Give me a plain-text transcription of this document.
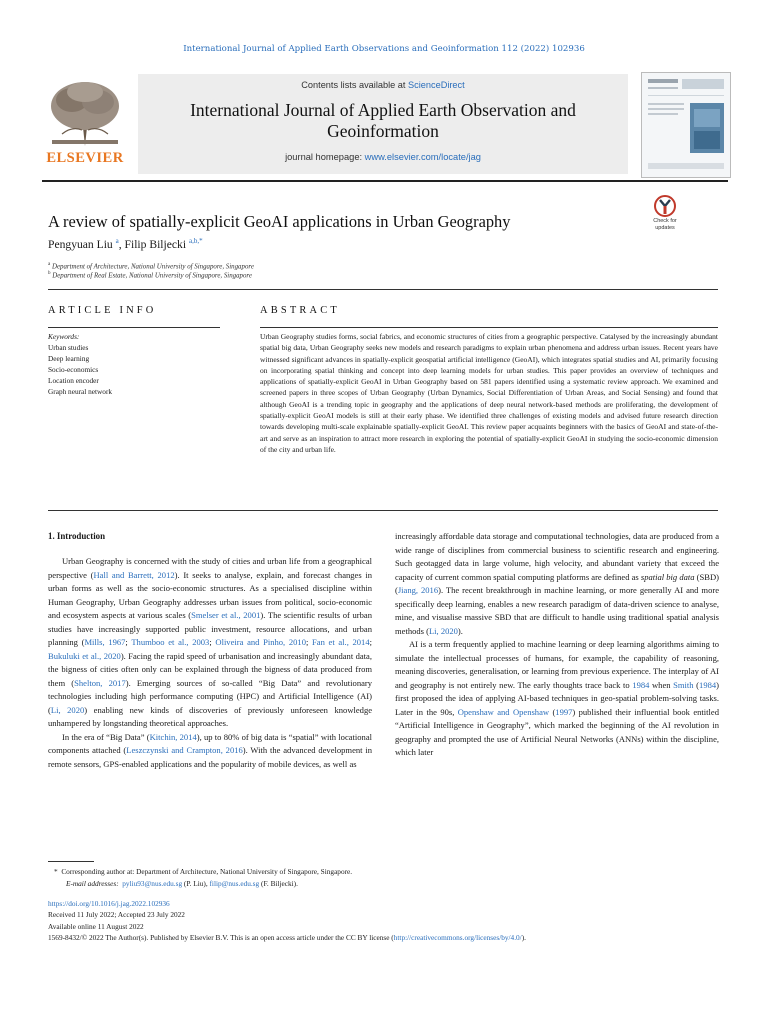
International Journal of Applied Earth Observations and Geoinformation 112 (2022) 102936
ELSEVIER
Contents lists available at ScienceDirect
International Journal of Applied Earth Observation and Geoinformation
journal homepage: www.elsevier.com/locate/jag
A review of spatially-explicit GeoAI applications in Urban Geography	Check for
updates
Pengyuan Liu $^a$, Filip Biljecki $^{a,b,*}$
$^a$ Department of Architecture, National University of Singapore, Singapore
$^b$ Department of Real Estate, National University of Singapore, Singapore
ARTICLE INFO
Keywords:
Urban studies
Deep learning
Socio-economics
Location encoder
Graph neural network
ABSTRACT
Urban Geography studies forms, social fabrics, and economic structures of cities from a geographic perspective. Catalysed by the increasingly abundant spatial big data, Urban Geography seeks new models and research paradigms to explain urban phenomena and address urban issues. Recent years have witnessed significant advances in spatially-explicit geospatial artificial intelligence (GeoAI), which integrates spatial studies and AI, primarily focusing on incorporating spatial thinking and concept into deep learning models for urban studies. This paper provides an overview of techniques and applications of spatially-explicit GeoAI in Urban Geography based on 581 papers identified using a systematic review approach. We examined and screened papers in three scopes of Urban Geography (Urban Dynamics, Social Differentiation of Urban Areas, and Social Sensing) and found that although GeoAI is a trending topic in geography and the applications of deep neural network-based methods are proliferating, the development of spatially-explicit GeoAI models is still at their early phase. We identified three challenges of existing models and advised future research direction towards developing multi-scale explainable spatially-explicit GeoAI. This review paper acquaints beginners with the basics of GeoAI and state-of-the-art and serve as an inspiration to attract more research in exploring the potential of spatially-explicit GeoAI in studying the socio-economic dimension of the city and urban life.
1. Introduction

Urban Geography is concerned with the study of cities and urban life from a geographical perspective (Hall and Barrett, 2012). It seeks to analyse, explain, and forecast changes in urban forms as well as the socio-economic structures. As a specialised discipline within Human Geography, Urban Geography addresses urban issues from political, socio-economic and ecosystem aspects at various scales (Smelser et al., 2001). The scientific results of urban studies have increasingly supported public investment, resource allocations, and urban planning (Mills, 1967; Thumboo et al., 2003; Oliveira and Pinho, 2010; Fan et al., 2014; Bukuluki et al., 2020). Facing the rapid speed of urbanisation and increasingly abundant data, the bigness of cities often only can be explained through the bigness of data produced from them (Shelton, 2017). Emerging sources of so-called “Big Data” and revolutionary technologies including high performance computing (HPC) and Artificial Intelligence (AI) (Li, 2020) enabling new kinds of discoveries of previously unforeseen knowledge unhampered by longstanding theoretical approaches.

In the era of “Big Data” (Kitchin, 2014), up to 80% of big data is “spatial” with locational components attached (Leszczynski and Crampton, 2016). With the advanced development in remote sensors, GPS-enabled applications and the popularity of mobile devices, as well as

increasingly affordable data storage and computational technologies, data are produced from a wide range of disciplines from commercial business to scientific research and engineering. Such geotagged data in large volume, high velocity, and abundant variety that exceed the capacity of current common spatial computing platforms are defined as spatial big data (SBD) (Jiang, 2016). The recent breakthrough in machine learning, or more generally AI and more specifically deep learning, enables a new research paradigm of data-driven science to analyse, mine, and visualise massive SBD that are difficult to handle using traditional spatial analysis methods (Li, 2020).

AI is a term frequently applied to machine learning or deep learning algorithms aiming to simulate the intellectual processes of humans, for example, the capability of reasoning, meaning discoveries, generalisation, or learning from previous experience. The interplay of AI and geography is not entirely new. The early thoughts trace back to 1984 when Smith (1984) first proposed the idea of applying AI-based techniques in geo-spatial problem-solving tasks. Later in the 90s, Openshaw and Openshaw (1997) published their influential book entitled “Artificial Intelligence in Geography”, which marked the beginning of the AI revolution in geography and prompted the use of Artificial Neural Networks (ANNs) within the discipline, which later

* Corresponding author at: Department of Architecture, National University of Singapore, Singapore.
E-mail addresses: pyliu93@nus.edu.sg (P. Liu), filip@nus.edu.sg (F. Biljecki).
https://doi.org/10.1016/j.jag.2022.102936
Received 11 July 2022; Accepted 23 July 2022
Available online 11 August 2022
1569-8432/© 2022 The Author(s). Published by Elsevier B.V. This is an open access article under the CC BY license (http://creativecommons.org/licenses/by/4.0/).
